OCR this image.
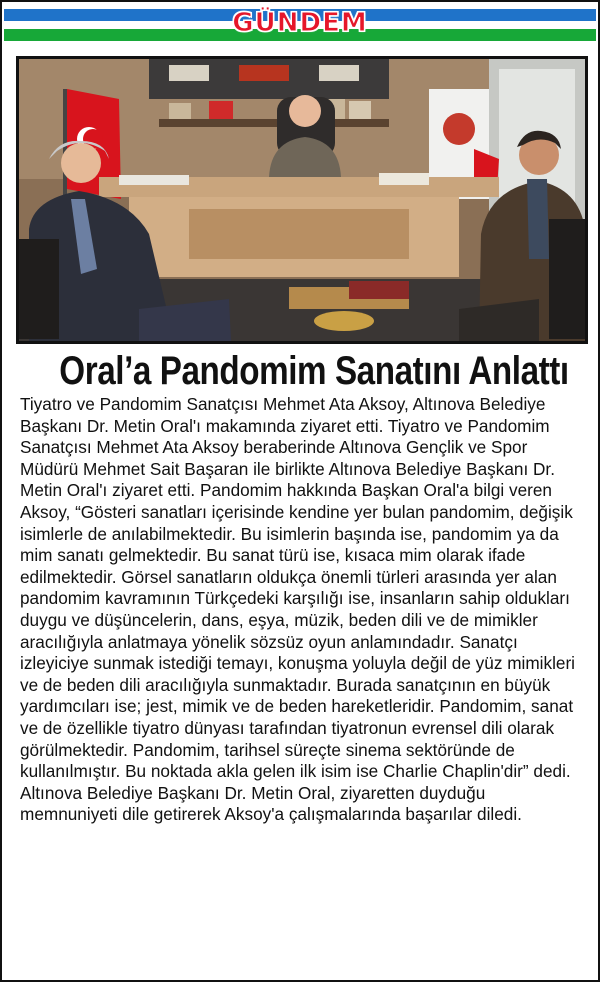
GÜNDEM
Oral’a Pandomim Sanatını Anlattı

Tiyatro ve Pandomim Sanatçısı Mehmet Ata Aksoy, Altınova Belediye Başkanı Dr. Metin Oral'ı makamında ziyaret etti. Tiyatro ve Pandomim Sanatçısı Mehmet Ata Aksoy beraberinde Altınova Gençlik ve Spor Müdürü Mehmet Sait Başaran ile birlikte Altınova Belediye Başkanı Dr. Metin Oral'ı ziyaret etti. Pandomim hakkında Başkan Oral'a bilgi veren Aksoy, “Gösteri sanatları içerisinde kendine yer bulan pandomim, değişik isimlerle de anılabilmektedir. Bu isimlerin başında ise, pandomim ya da mim sanatı gelmektedir. Bu sanat türü ise, kısaca mim olarak ifade edilmektedir. Görsel sanatların oldukça önemli türleri arasında yer alan pandomim kavramının Türkçedeki karşılığı ise, insanların sahip oldukları duygu ve düşüncelerin, dans, eşya, müzik, beden dili ve de mimikler aracılığıyla anlatmaya yönelik sözsüz oyun anlamındadır. Sanatçı izleyiciye sunmak istediği temayı, konuşma yoluyla değil de yüz mimikleri ve de beden dili aracılığıyla sunmaktadır. Burada sanatçının en büyük yardımcıları ise; jest, mimik ve de beden hareketleridir. Pandomim, sanat ve de özellikle tiyatro dünyası tarafından tiyatronun evrensel dili olarak görülmektedir. Pandomim, tarihsel süreçte sinema sektöründe de kullanılmıştır. Bu noktada akla gelen ilk isim ise Charlie Chaplin'dir” dedi. Altınova Belediye Başkanı Dr. Metin Oral, ziyaretten duyduğu memnuniyeti dile getirerek Aksoy'a çalışmalarında başarılar diledi.
